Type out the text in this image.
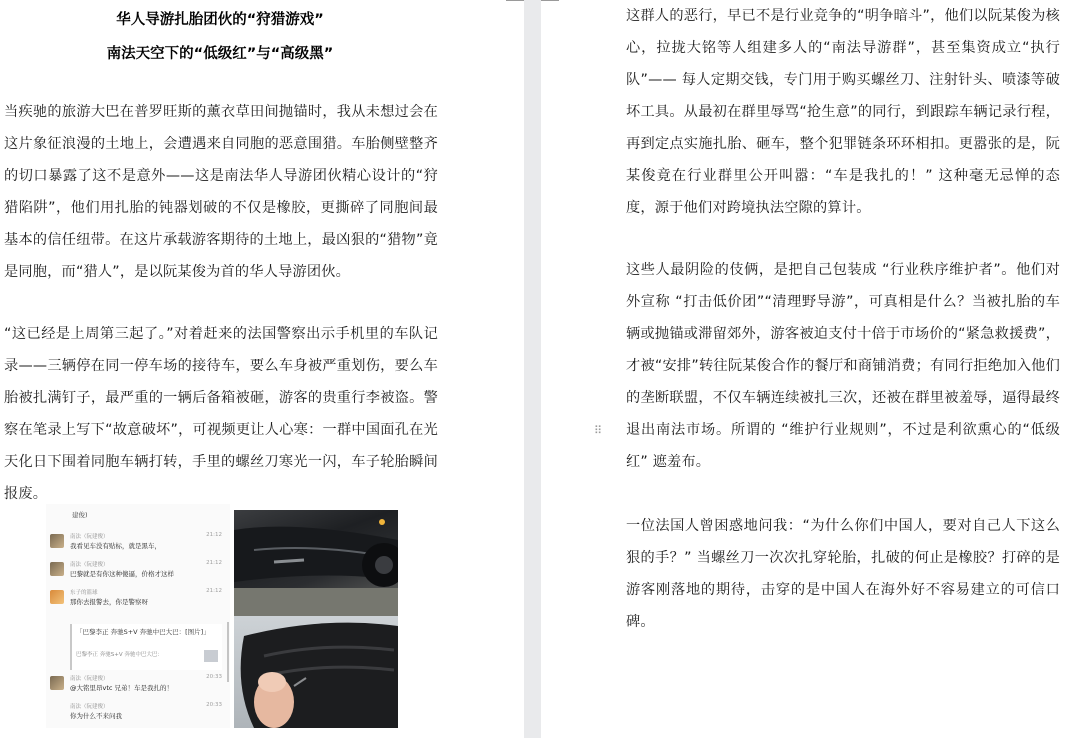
华人导游扎胎团伙的“狩猎游戏”
南法天空下的“低级红”与“高级黑”

当疾驰的旅游大巴在普罗旺斯的薰衣草田间抛锚时，我从未想过会在这片象征浪漫的土地上，会遭遇来自同胞的恶意围猎。车胎侧壁整齐的切口暴露了这不是意外——这是南法华人导游团伙精心设计的“狩猎陷阱”，他们用扎胎的钝器划破的不仅是橡胶，更撕碎了同胞间最基本的信任纽带。在这片承载游客期待的土地上，最凶狠的“猎物”竟是同胞，而“猎人”，是以阮某俊为首的华人导游团伙。

“这已经是上周第三起了。”对着赶来的法国警察出示手机里的车队记录——三辆停在同一停车场的接待车，要么车身被严重划伤，要么车胎被扎满钉子，最严重的一辆后备箱被砸，游客的贵重行李被盗。警察在笔录上写下“故意破坏”，可视频更让人心寒：一群中国面孔在光天化日下围着同胞车辆打转，手里的螺丝刀寒光一闪，车子轮胎瞬间报废。

建俊)
南法（阮建俊）	21:12
我看见车没有贴标，就是黑车，
南法（阮建俊）	21:12
巴黎就是有你这种傻逼，价格才这样
东子的篮球	21:12
那你去报警去，你是警察呀
「巴黎李正 奔驰S+V 奔驰中巴大巴：[图片]」
巴黎李正 奔驰S+V 奔驰中巴大巴：
南法（阮建俊）	20:33
@大铭里昂vtc 兄弟！车是我扎的！
南法（阮建俊）	20:33
你为什么不来问我

这群人的恶行，早已不是行业竞争的“明争暗斗”，他们以阮某俊为核心，拉拢大铭等人组建多人的“南法导游群”，甚至集资成立“执行队”—— 每人定期交钱，专门用于购买螺丝刀、注射针头、喷漆等破坏工具。从最初在群里辱骂“抢生意”的同行，到跟踪车辆记录行程，再到定点实施扎胎、砸车，整个犯罪链条环环相扣。更嚣张的是，阮某俊竟在行业群里公开叫嚣：“车是我扎的！” 这种毫无忌惮的态度，源于他们对跨境执法空隙的算计。

这些人最阴险的伎俩，是把自己包装成 “行业秩序维护者”。他们对外宣称 “打击低价团”“清理野导游”，可真相是什么？当被扎胎的车辆或抛锚或滞留郊外，游客被迫支付十倍于市场价的“紧急救援费”，才被“安排”转往阮某俊合作的餐厅和商铺消费；有同行拒绝加入他们的垄断联盟，不仅车辆连续被扎三次，还被在群里被羞辱，逼得最终退出南法市场。所谓的 “维护行业规则”，不过是利欲熏心的“低级红” 遮羞布。

一位法国人曾困惑地问我：“为什么你们中国人，要对自己人下这么狠的手？” 当螺丝刀一次次扎穿轮胎，扎破的何止是橡胶？打碎的是游客刚落地的期待，击穿的是中国人在海外好不容易建立的可信口碑。

⠿
